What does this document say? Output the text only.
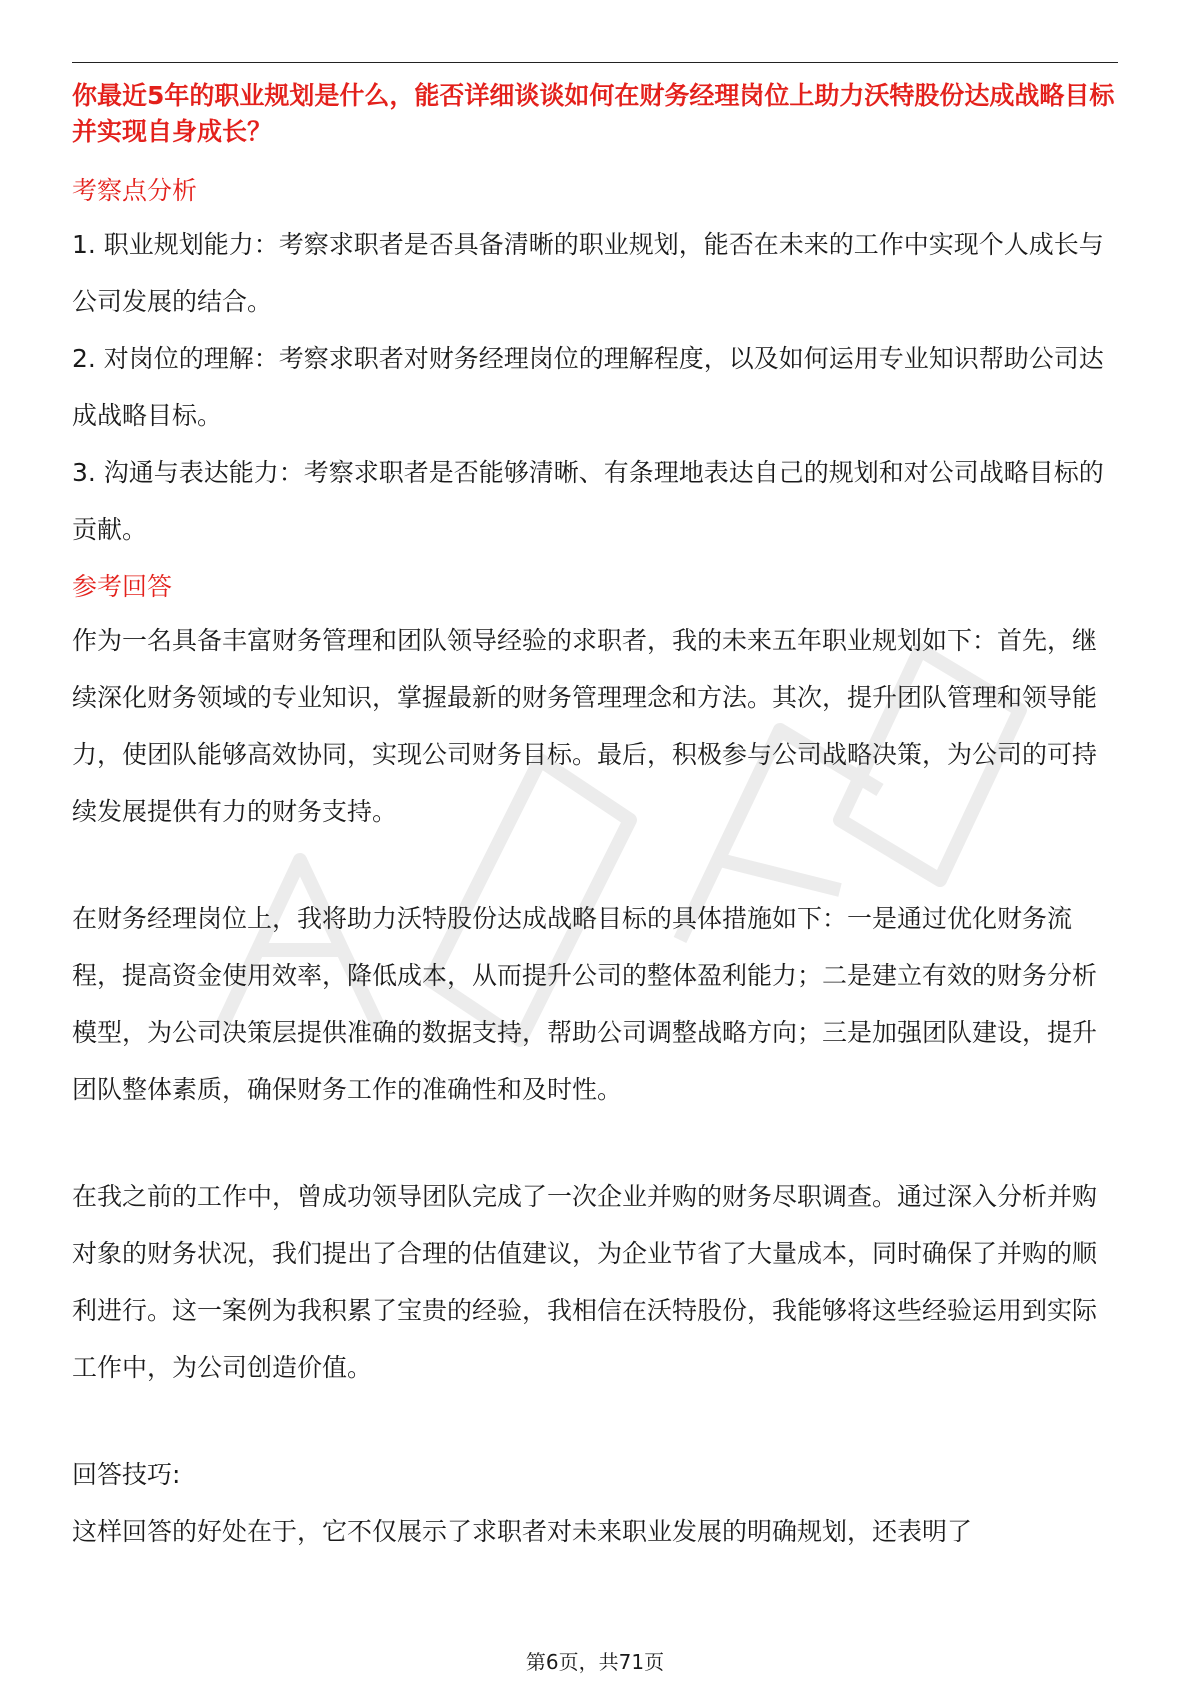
你最近5年的职业规划是什么，能否详细谈谈如何在财务经理岗位上助力沃特股份达成战略目标并实现自身成长？

考察点分析

1. 职业规划能力：考察求职者是否具备清晰的职业规划，能否在未来的工作中实现个人成长与公司发展的结合。

2. 对岗位的理解：考察求职者对财务经理岗位的理解程度，以及如何运用专业知识帮助公司达成战略目标。

3. 沟通与表达能力：考察求职者是否能够清晰、有条理地表达自己的规划和对公司战略目标的贡献。

参考回答

作为一名具备丰富财务管理和团队领导经验的求职者，我的未来五年职业规划如下：首先，继续深化财务领域的专业知识，掌握最新的财务管理理念和方法。其次，提升团队管理和领导能力，使团队能够高效协同，实现公司财务目标。最后，积极参与公司战略决策，为公司的可持续发展提供有力的财务支持。

在财务经理岗位上，我将助力沃特股份达成战略目标的具体措施如下：一是通过优化财务流程，提高资金使用效率，降低成本，从而提升公司的整体盈利能力；二是建立有效的财务分析模型，为公司决策层提供准确的数据支持，帮助公司调整战略方向；三是加强团队建设，提升团队整体素质，确保财务工作的准确性和及时性。

在我之前的工作中，曾成功领导团队完成了一次企业并购的财务尽职调查。通过深入分析并购对象的财务状况，我们提出了合理的估值建议，为企业节省了大量成本，同时确保了并购的顺利进行。这一案例为我积累了宝贵的经验，我相信在沃特股份，我能够将这些经验运用到实际工作中，为公司创造价值。

回答技巧:

这样回答的好处在于，它不仅展示了求职者对未来职业发展的明确规划，还表明了

第6页，共71页
